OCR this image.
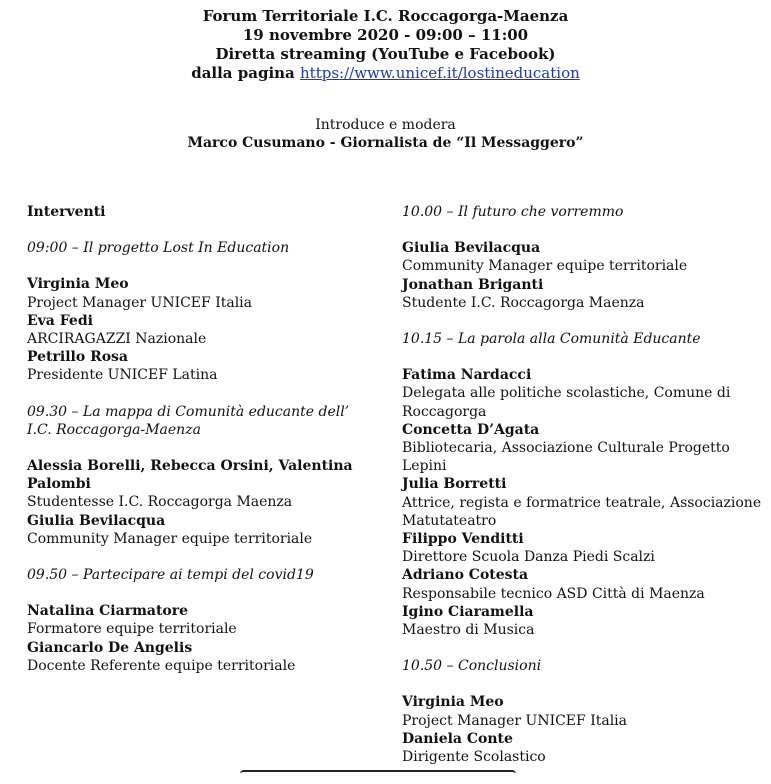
Forum Territoriale I.C. Roccagorga-Maenza
19 novembre 2020 - 09:00 – 11:00
Diretta streaming (YouTube e Facebook)
dalla pagina https://www.unicef.it/lostineducation
Introduce e modera
Marco Cusumano - Giornalista de “Il Messaggero”
Interventi
09:00 – Il progetto Lost In Education
Virginia Meo
Project Manager UNICEF Italia
Eva Fedi
ARCIRAGAZZI Nazionale
Petrillo Rosa
Presidente UNICEF Latina
09.30 – La mappa di Comunità educante dell’ I.C. Roccagorga-Maenza
Alessia Borelli, Rebecca Orsini, Valentina Palombi
Studentesse I.C. Roccagorga Maenza
Giulia Bevilacqua
Community Manager equipe territoriale
09.50 – Partecipare ai tempi del covid19
Natalina Ciarmatore
Formatore equipe territoriale
Giancarlo De Angelis
Docente Referente equipe territoriale
10.00 – Il futuro che vorremmo
Giulia Bevilacqua
Community Manager equipe territoriale
Jonathan Briganti
Studente I.C. Roccagorga Maenza
10.15 – La parola alla Comunità Educante
Fatima Nardacci
Delegata alle politiche scolastiche, Comune di Roccagorga
Concetta D’Agata
Bibliotecaria, Associazione Culturale Progetto Lepini
Julia Borretti
Attrice, regista e formatrice teatrale, Associazione Matutateatro
Filippo Venditti
Direttore Scuola Danza Piedi Scalzi
Adriano Cotesta
Responsabile tecnico ASD Città di Maenza
Igino Ciaramella
Maestro di Musica
10.50 – Conclusioni
Virginia Meo
Project Manager UNICEF Italia
Daniela Conte
Dirigente Scolastico
